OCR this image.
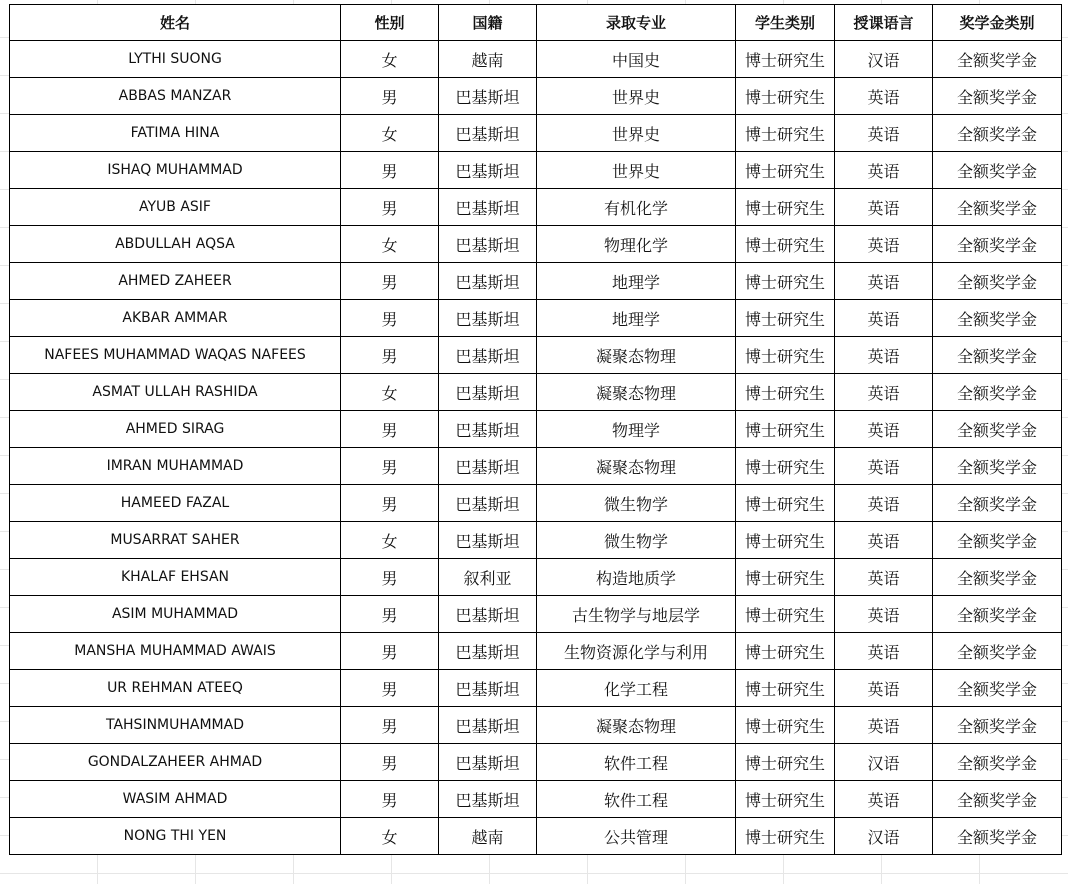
姓名	性别	国籍	录取专业	学生类别	授课语言	奖学金类别
LYTHI SUONG	女	越南	中国史	博士研究生	汉语	全额奖学金
ABBAS MANZAR	男	巴基斯坦	世界史	博士研究生	英语	全额奖学金
FATIMA HINA	女	巴基斯坦	世界史	博士研究生	英语	全额奖学金
ISHAQ MUHAMMAD	男	巴基斯坦	世界史	博士研究生	英语	全额奖学金
AYUB ASIF	男	巴基斯坦	有机化学	博士研究生	英语	全额奖学金
ABDULLAH AQSA	女	巴基斯坦	物理化学	博士研究生	英语	全额奖学金
AHMED ZAHEER	男	巴基斯坦	地理学	博士研究生	英语	全额奖学金
AKBAR AMMAR	男	巴基斯坦	地理学	博士研究生	英语	全额奖学金
NAFEES MUHAMMAD WAQAS NAFEES	男	巴基斯坦	凝聚态物理	博士研究生	英语	全额奖学金
ASMAT ULLAH RASHIDA	女	巴基斯坦	凝聚态物理	博士研究生	英语	全额奖学金
AHMED SIRAG	男	巴基斯坦	物理学	博士研究生	英语	全额奖学金
IMRAN MUHAMMAD	男	巴基斯坦	凝聚态物理	博士研究生	英语	全额奖学金
HAMEED FAZAL	男	巴基斯坦	微生物学	博士研究生	英语	全额奖学金
MUSARRAT SAHER	女	巴基斯坦	微生物学	博士研究生	英语	全额奖学金
KHALAF EHSAN	男	叙利亚	构造地质学	博士研究生	英语	全额奖学金
ASIM MUHAMMAD	男	巴基斯坦	古生物学与地层学	博士研究生	英语	全额奖学金
MANSHA MUHAMMAD AWAIS	男	巴基斯坦	生物资源化学与利用	博士研究生	英语	全额奖学金
UR REHMAN ATEEQ	男	巴基斯坦	化学工程	博士研究生	英语	全额奖学金
TAHSINMUHAMMAD	男	巴基斯坦	凝聚态物理	博士研究生	英语	全额奖学金
GONDALZAHEER AHMAD	男	巴基斯坦	软件工程	博士研究生	汉语	全额奖学金
WASIM AHMAD	男	巴基斯坦	软件工程	博士研究生	英语	全额奖学金
NONG THI YEN	女	越南	公共管理	博士研究生	汉语	全额奖学金
